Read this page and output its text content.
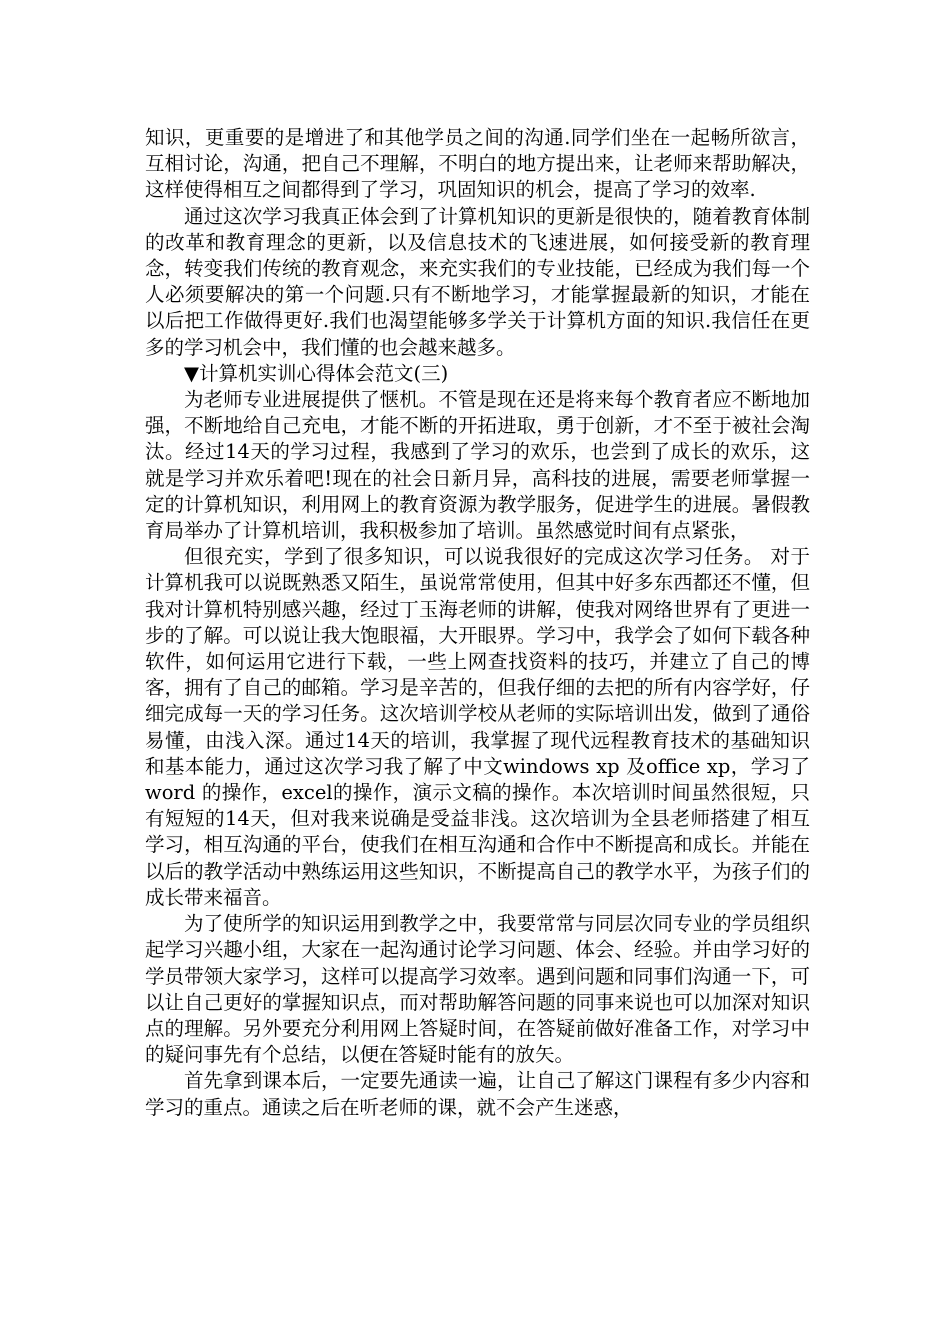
知识，更重要的是增进了和其他学员之间的沟通.同学们坐在一起畅所欲言，互相讨论，沟通，把自己不理解，不明白的地方提出来，让老师来帮助解决，这样使得相互之间都得到了学习，巩固知识的机会，提高了学习的效率.

通过这次学习我真正体会到了计算机知识的更新是很快的，随着教育体制的改革和教育理念的更新，以及信息技术的飞速进展，如何接受新的教育理念，转变我们传统的教育观念，来充实我们的专业技能，已经成为我们每一个人必须要解决的第一个问题.只有不断地学习，才能掌握最新的知识，才能在以后把工作做得更好.我们也渴望能够多学关于计算机方面的知识.我信任在更多的学习机会中，我们懂的也会越来越多。

▼计算机实训心得体会范文(三)

为老师专业进展提供了惬机。不管是现在还是将来每个教育者应不断地加强，不断地给自己充电，才能不断的开拓进取，勇于创新，才不至于被社会淘汰。经过14天的学习过程，我感到了学习的欢乐，也尝到了成长的欢乐，这就是学习并欢乐着吧!现在的社会日新月异，高科技的进展，需要老师掌握一定的计算机知识，利用网上的教育资源为教学服务，促进学生的进展。暑假教育局举办了计算机培训，我积极参加了培训。虽然感觉时间有点紧张，

但很充实，学到了很多知识，可以说我很好的完成这次学习任务。 对于计算机我可以说既熟悉又陌生，虽说常常使用，但其中好多东西都还不懂，但我对计算机特别感兴趣，经过丁玉海老师的讲解，使我对网络世界有了更进一步的了解。可以说让我大饱眼福，大开眼界。学习中，我学会了如何下载各种软件，如何运用它进行下载，一些上网查找资料的技巧，并建立了自己的博客，拥有了自己的邮箱。学习是辛苦的，但我仔细的去把的所有内容学好，仔细完成每一天的学习任务。这次培训学校从老师的实际培训出发，做到了通俗易懂，由浅入深。通过14天的培训，我掌握了现代远程教育技术的基础知识和基本能力，通过这次学习我了解了中文windows xp 及office xp，学习了word 的操作，excel的操作，演示文稿的操作。本次培训时间虽然很短，只有短短的14天，但对我来说确是受益非浅。这次培训为全县老师搭建了相互学习，相互沟通的平台，使我们在相互沟通和合作中不断提高和成长。并能在以后的教学活动中熟练运用这些知识，不断提高自己的教学水平，为孩子们的成长带来福音。

为了使所学的知识运用到教学之中，我要常常与同层次同专业的学员组织起学习兴趣小组，大家在一起沟通讨论学习问题、体会、经验。并由学习好的学员带领大家学习，这样可以提高学习效率。遇到问题和同事们沟通一下，可以让自己更好的掌握知识点，而对帮助解答问题的同事来说也可以加深对知识点的理解。另外要充分利用网上答疑时间，在答疑前做好准备工作，对学习中的疑问事先有个总结，以便在答疑时能有的放矢。

首先拿到课本后，一定要先通读一遍，让自己了解这门课程有多少内容和学习的重点。通读之后在听老师的课，就不会产生迷惑，
